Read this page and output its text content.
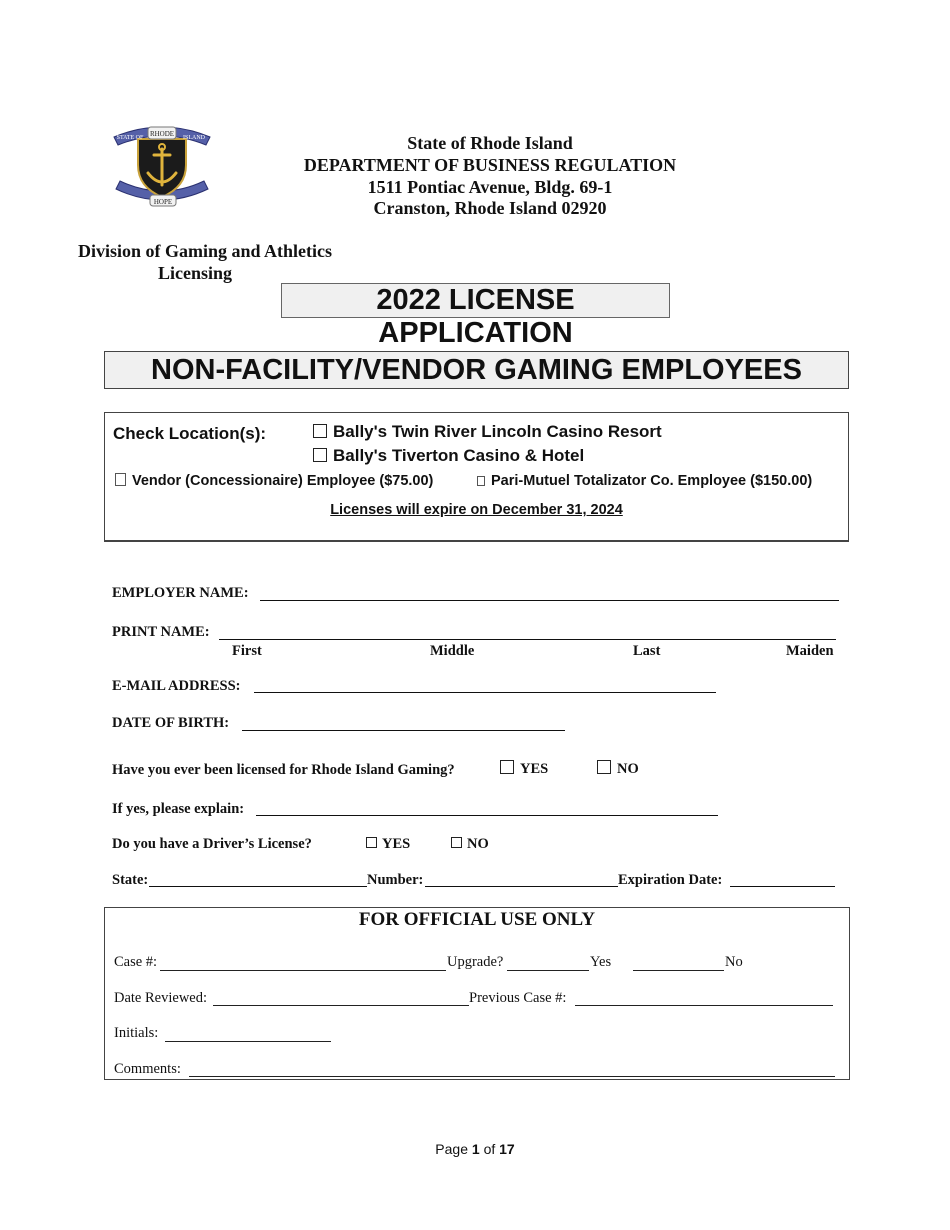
RHODE
STATE OF	ISLAND
HOPE
State of Rhode Island
DEPARTMENT OF BUSINESS REGULATION
1511 Pontiac Avenue, Bldg. 69-1
Cranston, Rhode Island 02920
Division of Gaming and Athletics
Licensing
2022 LICENSE APPLICATION
NON-FACILITY/VENDOR GAMING EMPLOYEES
Check Location(s):	Bally's Twin River Lincoln Casino Resort
Bally's Tiverton Casino & Hotel
Vendor (Concessionaire) Employee ($75.00)	Pari-Mutuel Totalizator Co. Employee ($150.00)
Licenses will expire on December 31, 2024
EMPLOYER NAME:
PRINT NAME:
First	Middle	Last	Maiden
E-MAIL ADDRESS:
DATE OF BIRTH:
Have you ever been licensed for Rhode Island Gaming?	YES	NO
If yes, please explain:
Do you have a Driver’s License?	YES	NO
State:	Number:	Expiration Date:
FOR OFFICIAL USE ONLY
Case #:	Upgrade?	Yes	No
Date Reviewed:	Previous Case #:
Initials:
Comments:
Page 1 of 17
